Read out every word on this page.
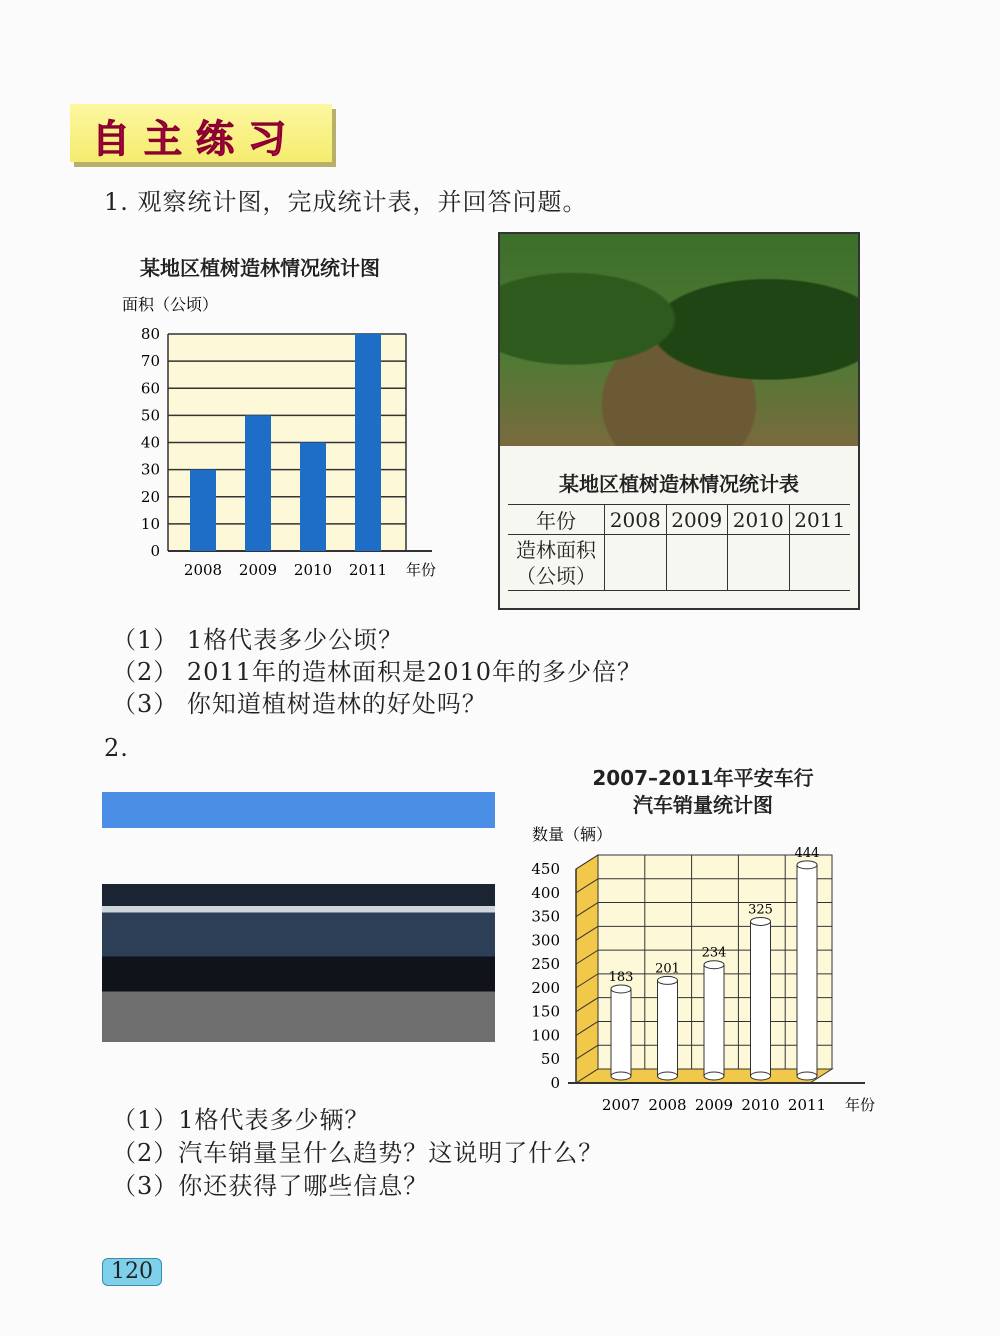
自主练习
1. 观察统计图，完成统计表，并回答问题。
某地区植树造林情况统计图
面积（公顷）
0
10
20
30
40
50
60
70
80
2008 2009 2010 2011 年份
某地区植树造林情况统计表
年份	2008	2009	2010	2011

造林面积
（公顷）				

（1） 1格代表多少公顷？
（2） 2011年的造林面积是2010年的多少倍？
（3） 你知道植树造林的好处吗？
2.
2007–2011年平安车行
汽车销量统计图
数量（辆）
0
50
100
150
200
250
300
350
400
450
183
2007
201
2008
234
2009
325
2010
444
2011 年份
（1）1格代表多少辆？
（2）汽车销量呈什么趋势？这说明了什么？
（3）你还获得了哪些信息？
120
